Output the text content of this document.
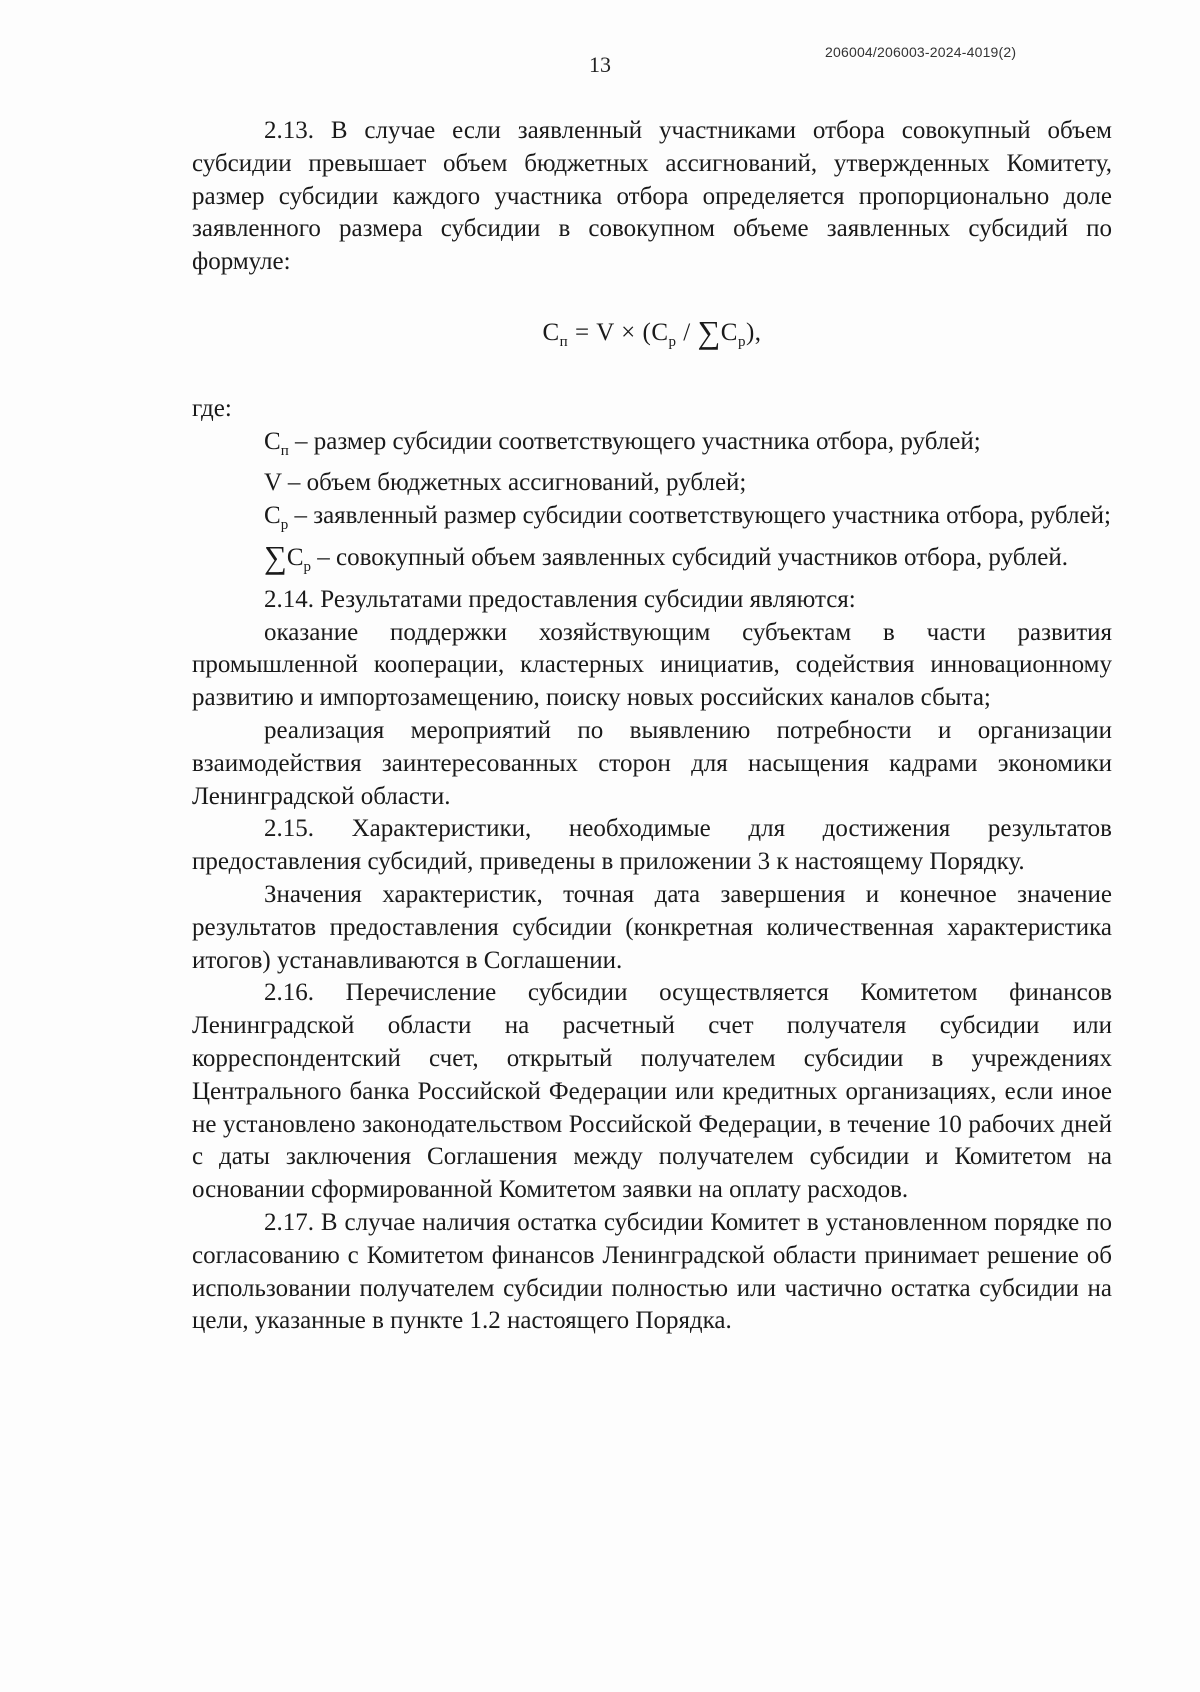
13	206004/206003-2024-4019(2)

2.13. В случае если заявленный участниками отбора совокупный объем субсидии превышает объем бюджетных ассигнований, утвержденных Комитету, размер субсидии каждого участника отбора определяется пропорционально доле заявленного размера субсидии в совокупном объеме заявленных субсидий по формуле:

$С_п = V \times (С_р / \sum С_р)$,

где:

$С_п$ – размер субсидии соответствующего участника отбора, рублей;

V – объем бюджетных ассигнований, рублей;

$С_р$ – заявленный размер субсидии соответствующего участника отбора, рублей;

$\sum С_р$ – совокупный объем заявленных субсидий участников отбора, рублей.

2.14. Результатами предоставления субсидии являются:

оказание поддержки хозяйствующим субъектам в части развития промышленной кооперации, кластерных инициатив, содействия инновационному развитию и импортозамещению, поиску новых российских каналов сбыта;

реализация мероприятий по выявлению потребности и организации взаимодействия заинтересованных сторон для насыщения кадрами экономики Ленинградской области.

2.15. Характеристики, необходимые для достижения результатов предоставления субсидий, приведены в приложении 3 к настоящему Порядку.

Значения характеристик, точная дата завершения и конечное значение результатов предоставления субсидии (конкретная количественная характеристика итогов) устанавливаются в Соглашении.

2.16. Перечисление субсидии осуществляется Комитетом финансов Ленинградской области на расчетный счет получателя субсидии или корреспондентский счет, открытый получателем субсидии в учреждениях Центрального банка Российской Федерации или кредитных организациях, если иное не установлено законодательством Российской Федерации, в течение 10 рабочих дней с даты заключения Соглашения между получателем субсидии и Комитетом на основании сформированной Комитетом заявки на оплату расходов.

2.17. В случае наличия остатка субсидии Комитет в установленном порядке по согласованию с Комитетом финансов Ленинградской области принимает решение об использовании получателем субсидии полностью или частично остатка субсидии на цели, указанные в пункте 1.2 настоящего Порядка.
